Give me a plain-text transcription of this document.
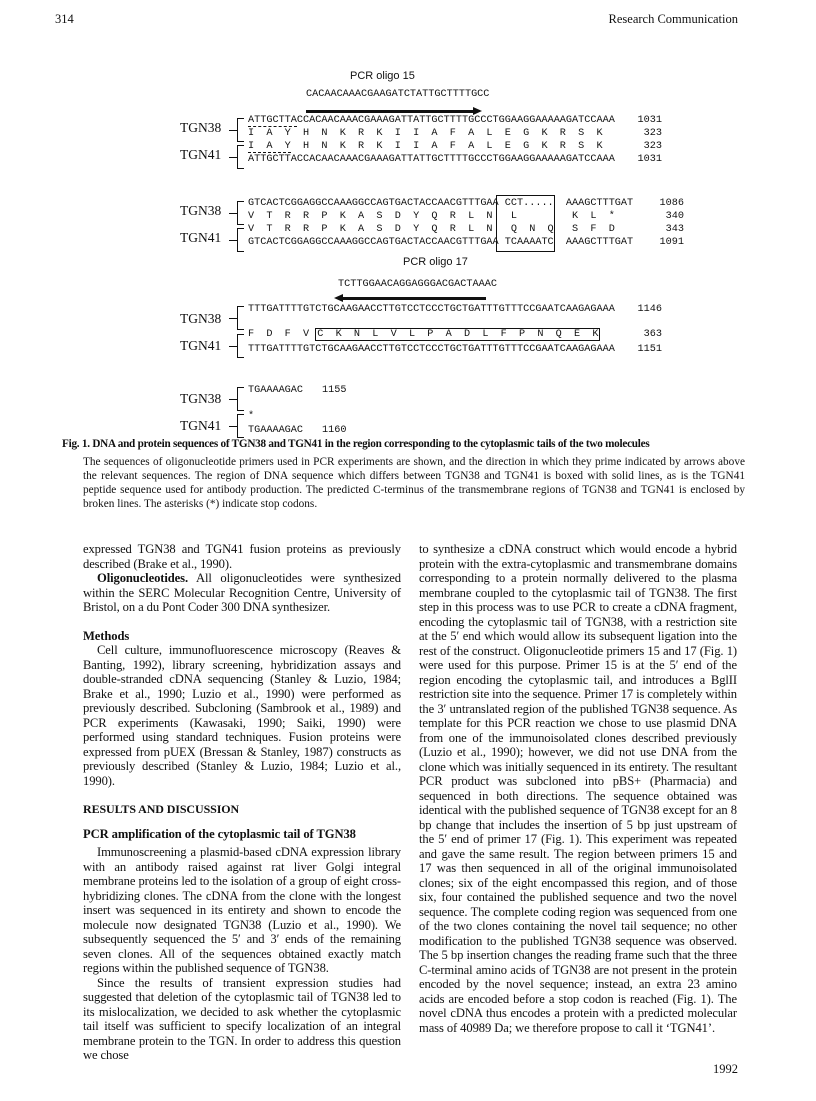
314	Research Communication
PCR oligo 15
CACAACAAACGAAGATCTATTGCTTTTGCC
TGN38
TGN41
ATTGCTTACCACAACAAACGAAAGATTATTGCTTTTGCCCTGGAAGGAAAAAGATCCAAA
I  A  Y  H  N  K  R  K  I  I  A  F  A  L  E  G  K  R  S  K
I  A  Y  H  N  K  R  K  I  I  A  F  A  L  E  G  K  R  S  K
ATTGCTTACCACAACAAACGAAAGATTATTGCTTTTGCCCTGGAAGGAAAAAGATCCAAA
1031
323
323
1031
TGN38
TGN41
GTCACTCGGAGGCCAAAGGCCAGTGACTACCAACGTTTGAA CCT.....  AAAGCTTTGAT
V  T  R  R  P  K  A  S  D  Y  Q  R  L  N   L         K  L  *
V  T  R  R  P  K  A  S  D  Y  Q  R  L  N   Q  N  Q   S  F  D
GTCACTCGGAGGCCAAAGGCCAGTGACTACCAACGTTTGAA TCAAAATC  AAAGCTTTGAT
1086
340
343
1091
PCR oligo 17
TCTTGGAACAGGAGGGACGACTAAAC
TGN38
TGN41
TTTGATTTTGTCTGCAAGAACCTTGTCCTCCCTGCTGATTTGTTTCCGAATCAAGAGAAA
F  D  F  V C  K  N  L  V  L  P  A  D  L  F  P  N  Q  E  K
TTTGATTTTGTCTGCAAGAACCTTGTCCTCCCTGCTGATTTGTTTCCGAATCAAGAGAAA
1146
363
1151
TGN38
TGN41
TGAAAAGAC 1155
*
TGAAAAGAC 1160
Fig. 1. DNA and protein sequences of TGN38 and TGN41 in the region corresponding to the cytoplasmic tails of the two molecules
The sequences of oligonucleotide primers used in PCR experiments are shown, and the direction in which they prime indicated by arrows above the relevant sequences. The region of DNA sequence which differs between TGN38 and TGN41 is boxed with solid lines, as is the TGN41 peptide sequence used for antibody production. The predicted C-terminus of the transmembrane regions of TGN38 and TGN41 is enclosed by broken lines. The asterisks (*) indicate stop codons.

expressed TGN38 and TGN41 fusion proteins as previously described (Brake et al., 1990).

Oligonucleotides. All oligonucleotides were synthesized within the SERC Molecular Recognition Centre, University of Bristol, on a du Pont Coder 300 DNA synthesizer.

Methods

Cell culture, immunofluorescence microscopy (Reaves & Banting, 1992), library screening, hybridization assays and double-stranded cDNA sequencing (Stanley & Luzio, 1984; Brake et al., 1990; Luzio et al., 1990) were performed as previously described. Subcloning (Sambrook et al., 1989) and PCR experiments (Kawasaki, 1990; Saiki, 1990) were performed using standard techniques. Fusion proteins were expressed from pUEX (Bressan & Stanley, 1987) constructs as previously described (Stanley & Luzio, 1984; Luzio et al., 1990).

RESULTS AND DISCUSSION
PCR amplification of the cytoplasmic tail of TGN38

Immunoscreening a plasmid-based cDNA expression library with an antibody raised against rat liver Golgi integral membrane proteins led to the isolation of a group of eight cross-hybridizing clones. The cDNA from the clone with the longest insert was sequenced in its entirety and shown to encode the molecule now designated TGN38 (Luzio et al., 1990). We subsequently sequenced the 5′ and 3′ ends of the remaining seven clones. All of the sequences obtained exactly match regions within the published sequence of TGN38.

Since the results of transient expression studies had suggested that deletion of the cytoplasmic tail of TGN38 led to its mislocalization, we decided to ask whether the cytoplasmic tail itself was sufficient to specify localization of an integral membrane protein to the TGN. In order to address this question we chose

to synthesize a cDNA construct which would encode a hybrid protein with the extra-cytoplasmic and transmembrane domains corresponding to a protein normally delivered to the plasma membrane coupled to the cytoplasmic tail of TGN38. The first step in this process was to use PCR to create a cDNA fragment, encoding the cytoplasmic tail of TGN38, with a restriction site at the 5′ end which would allow its subsequent ligation into the rest of the construct. Oligonucleotide primers 15 and 17 (Fig. 1) were used for this purpose. Primer 15 is at the 5′ end of the region encoding the cytoplasmic tail, and introduces a BglII restriction site into the sequence. Primer 17 is completely within the 3′ untranslated region of the published TGN38 sequence. As template for this PCR reaction we chose to use plasmid DNA from one of the immunoisolated clones described previously (Luzio et al., 1990); however, we did not use DNA from the clone which was initially sequenced in its entirety. The resultant PCR product was subcloned into pBS+ (Pharmacia) and sequenced in both directions. The sequence obtained was identical with the published sequence of TGN38 except for an 8 bp change that includes the insertion of 5 bp just upstream of the 5′ end of primer 17 (Fig. 1). This experiment was repeated and gave the same result. The region between primers 15 and 17 was then sequenced in all of the original immunoisolated clones; six of the eight encompassed this region, and of those six, four contained the published sequence and two the novel sequence. The complete coding region was sequenced from one of the two clones containing the novel tail sequence; no other modification to the published TGN38 sequence was observed. The 5 bp insertion changes the reading frame such that the three C-terminal amino acids of TGN38 are not present in the protein encoded by the novel sequence; instead, an extra 23 amino acids are encoded before a stop codon is reached (Fig. 1). The novel cDNA thus encodes a protein with a predicted molecular mass of 40989 Da; we therefore propose to call it ‘TGN41’.

1992
